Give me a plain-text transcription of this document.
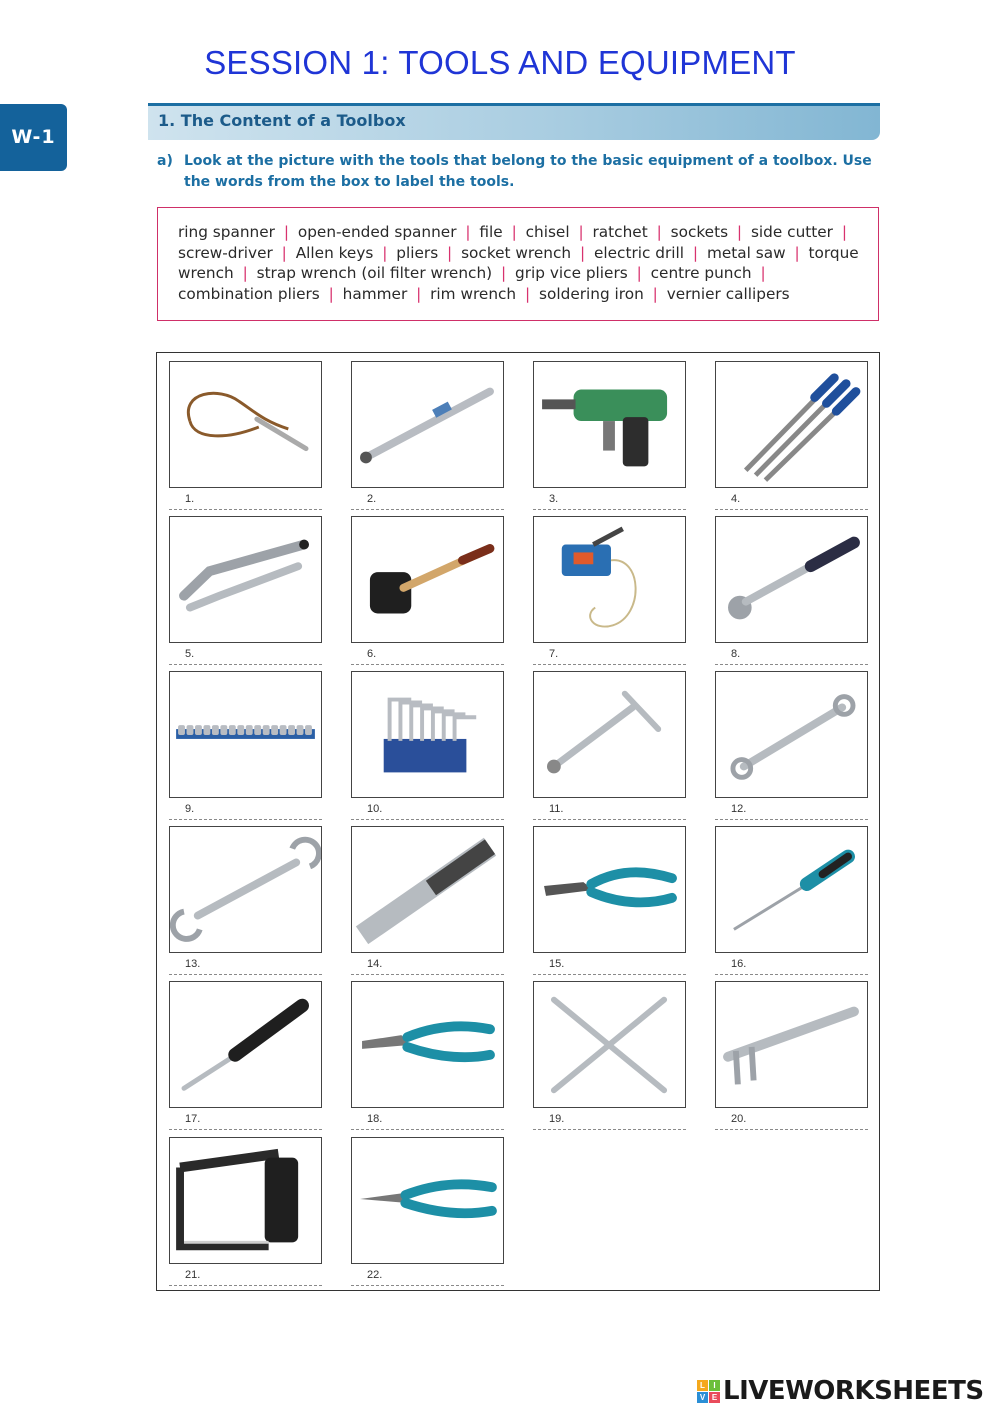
SESSION 1: TOOLS AND EQUIPMENT
W-1
1. The Content of a Toolbox
a) Look at the picture with the tools that belong to the basic equipment of a toolbox. Use the words from the box to label the tools.
ring spanner | open-ended spanner | file | chisel | ratchet | sockets | side cutter | screw-driver | Allen keys | pliers | socket wrench | electric drill | metal saw | torque wrench | strap wrench (oil filter wrench) | grip vice pliers | centre punch | combination pliers | hammer | rim wrench | soldering iron | vernier callipers
1.	2.	3.	4.
5.	6.	7.	8.
9.	10.	11.	12.
13.	14.	15.	16.
17.	18.	19.	20.
21.	22.
L	I
V E LIVEWORKSHEETS
